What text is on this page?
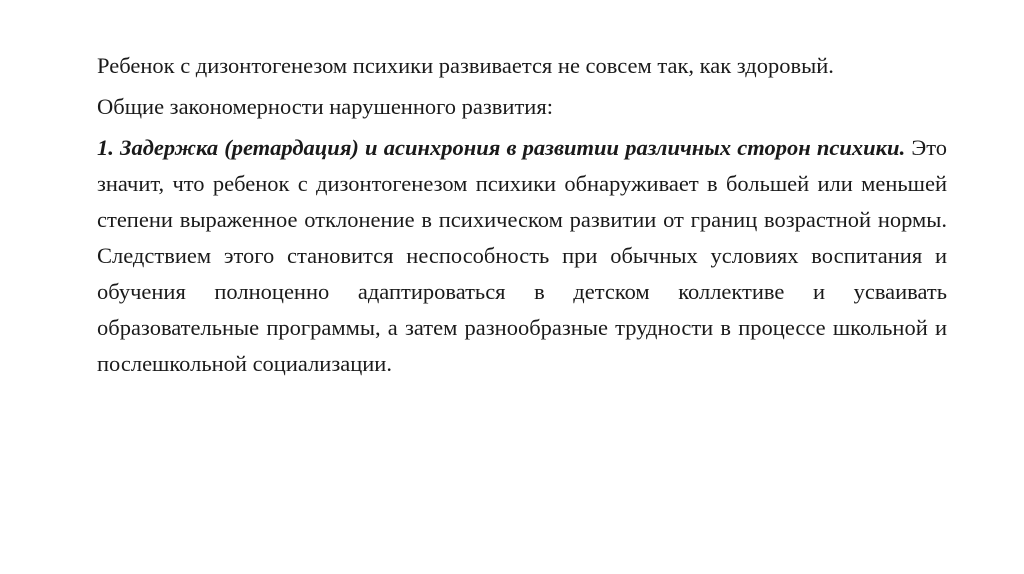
Ребенок с дизонтогенезом психики развивается не совсем так, как здоровый.

Общие закономерности нарушенного развития:

1. Задержка (ретардация) и асинхрония в развитии различных сторон психики. Это значит, что ребенок с дизонтогенезом психики обнаруживает в большей или меньшей степени выраженное отклонение в психическом развитии от границ возрастной нормы. Следствием этого становится неспособность при обычных условиях воспитания и обучения полноценно адаптироваться в детском коллективе и усваивать образовательные программы, а затем разнообразные трудности в процессе школьной и послешкольной социализации.
